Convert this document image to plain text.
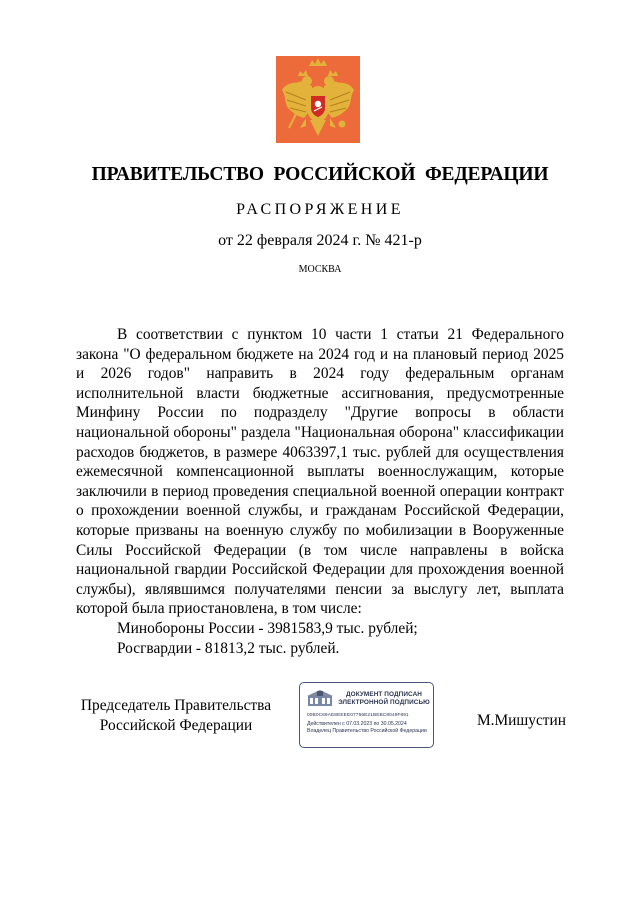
ПРАВИТЕЛЬСТВО РОССИЙСКОЙ ФЕДЕРАЦИИ
РАСПОРЯЖЕНИЕ
от 22 февраля 2024 г. № 421-р
МОСКВА

В соответствии с пунктом 10 части 1 статьи 21 Федерального закона "О федеральном бюджете на 2024 год и на плановый период 2025 и 2026 годов" направить в 2024 году федеральным органам исполнительной власти бюджетные ассигнования, предусмотренные Минфину России по подразделу "Другие вопросы в области национальной обороны" раздела "Национальная оборона" классификации расходов бюджетов, в размере 4063397,1 тыс. рублей для осуществления ежемесячной компенсационной выплаты военнослужащим, которые заключили в период проведения специальной военной операции контракт о прохождении военной службы, и гражданам Российской Федерации, которые призваны на военную службу по мобилизации в Вооруженные Силы Российской Федерации (в том числе направлены в войска национальной гвардии Российской Федерации для прохождения военной службы), являвшимся получателями пенсии за выслугу лет, выплата которой была приостановлена, в том числе:

Минобороны России - 3981583,9 тыс. рублей;

Росгвардии - 81813,2 тыс. рублей.

Председатель Правительства
Российской Федерации
ДОКУМЕНТ ПОДПИСАН
ЭЛЕКТРОННОЙ ПОДПИСЬЮ
00B0C69AE8EEEE07756E21BEBC8049F891
Действителен с 07.03.2023 по 30.05.2024
Владелец Правительство Российской Федерации
М.Мишустин
